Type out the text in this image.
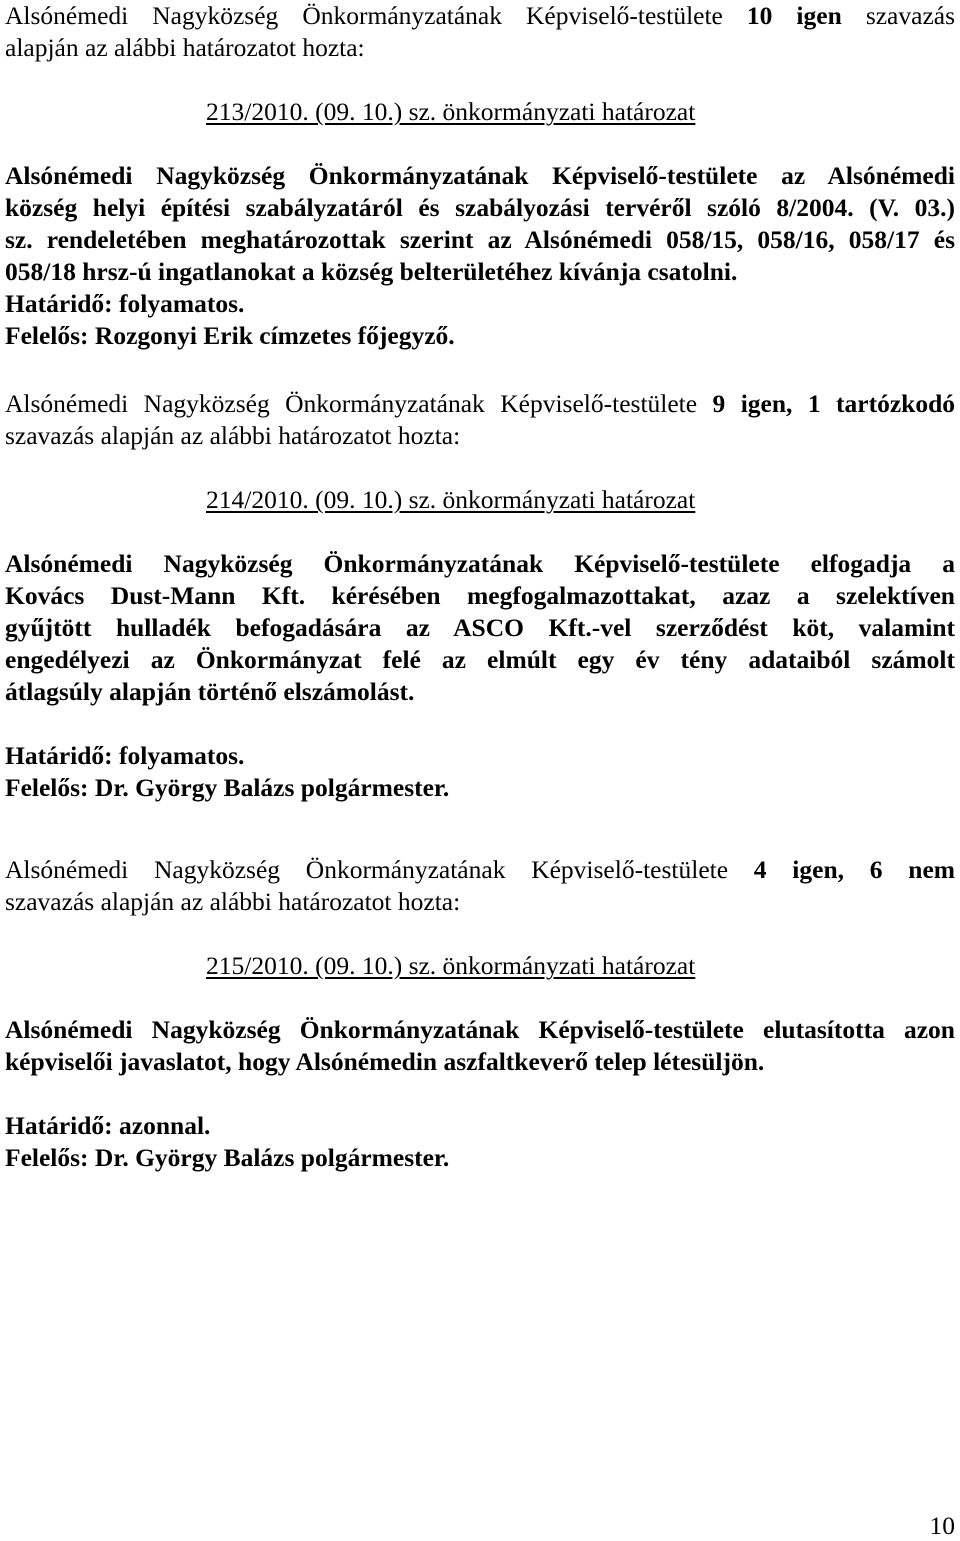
Alsónémedi Nagyközség Önkormányzatának Képviselő-testülete 10 igen szavazás

alapján az alábbi határozatot hozta:

213/2010. (09. 10.) sz. önkormányzati határozat

Alsónémedi Nagyközség Önkormányzatának Képviselő-testülete az Alsónémedi

község helyi építési szabályzatáról és szabályozási tervéről szóló 8/2004. (V. 03.)

sz. rendeletében meghatározottak szerint az Alsónémedi 058/15, 058/16, 058/17 és

058/18 hrsz-ú ingatlanokat a község belterületéhez kívánja csatolni.

Határidő: folyamatos.

Felelős: Rozgonyi Erik címzetes főjegyző.

Alsónémedi Nagyközség Önkormányzatának Képviselő-testülete 9 igen, 1 tartózkodó

szavazás alapján az alábbi határozatot hozta:

214/2010. (09. 10.) sz. önkormányzati határozat

Alsónémedi Nagyközség Önkormányzatának Képviselő-testülete elfogadja a

Kovács Dust-Mann Kft. kérésében megfogalmazottakat, azaz a szelektíven

gyűjtött hulladék befogadására az ASCO Kft.-vel szerződést köt, valamint

engedélyezi az Önkormányzat felé az elmúlt egy év tény adataiból számolt

átlagsúly alapján történő elszámolást.

Határidő: folyamatos.

Felelős: Dr. György Balázs polgármester.

Alsónémedi Nagyközség Önkormányzatának Képviselő-testülete 4 igen, 6 nem

szavazás alapján az alábbi határozatot hozta:

215/2010. (09. 10.) sz. önkormányzati határozat

Alsónémedi Nagyközség Önkormányzatának Képviselő-testülete elutasította azon

képviselői javaslatot, hogy Alsónémedin aszfaltkeverő telep létesüljön.

Határidő: azonnal.

Felelős: Dr. György Balázs polgármester.

10
